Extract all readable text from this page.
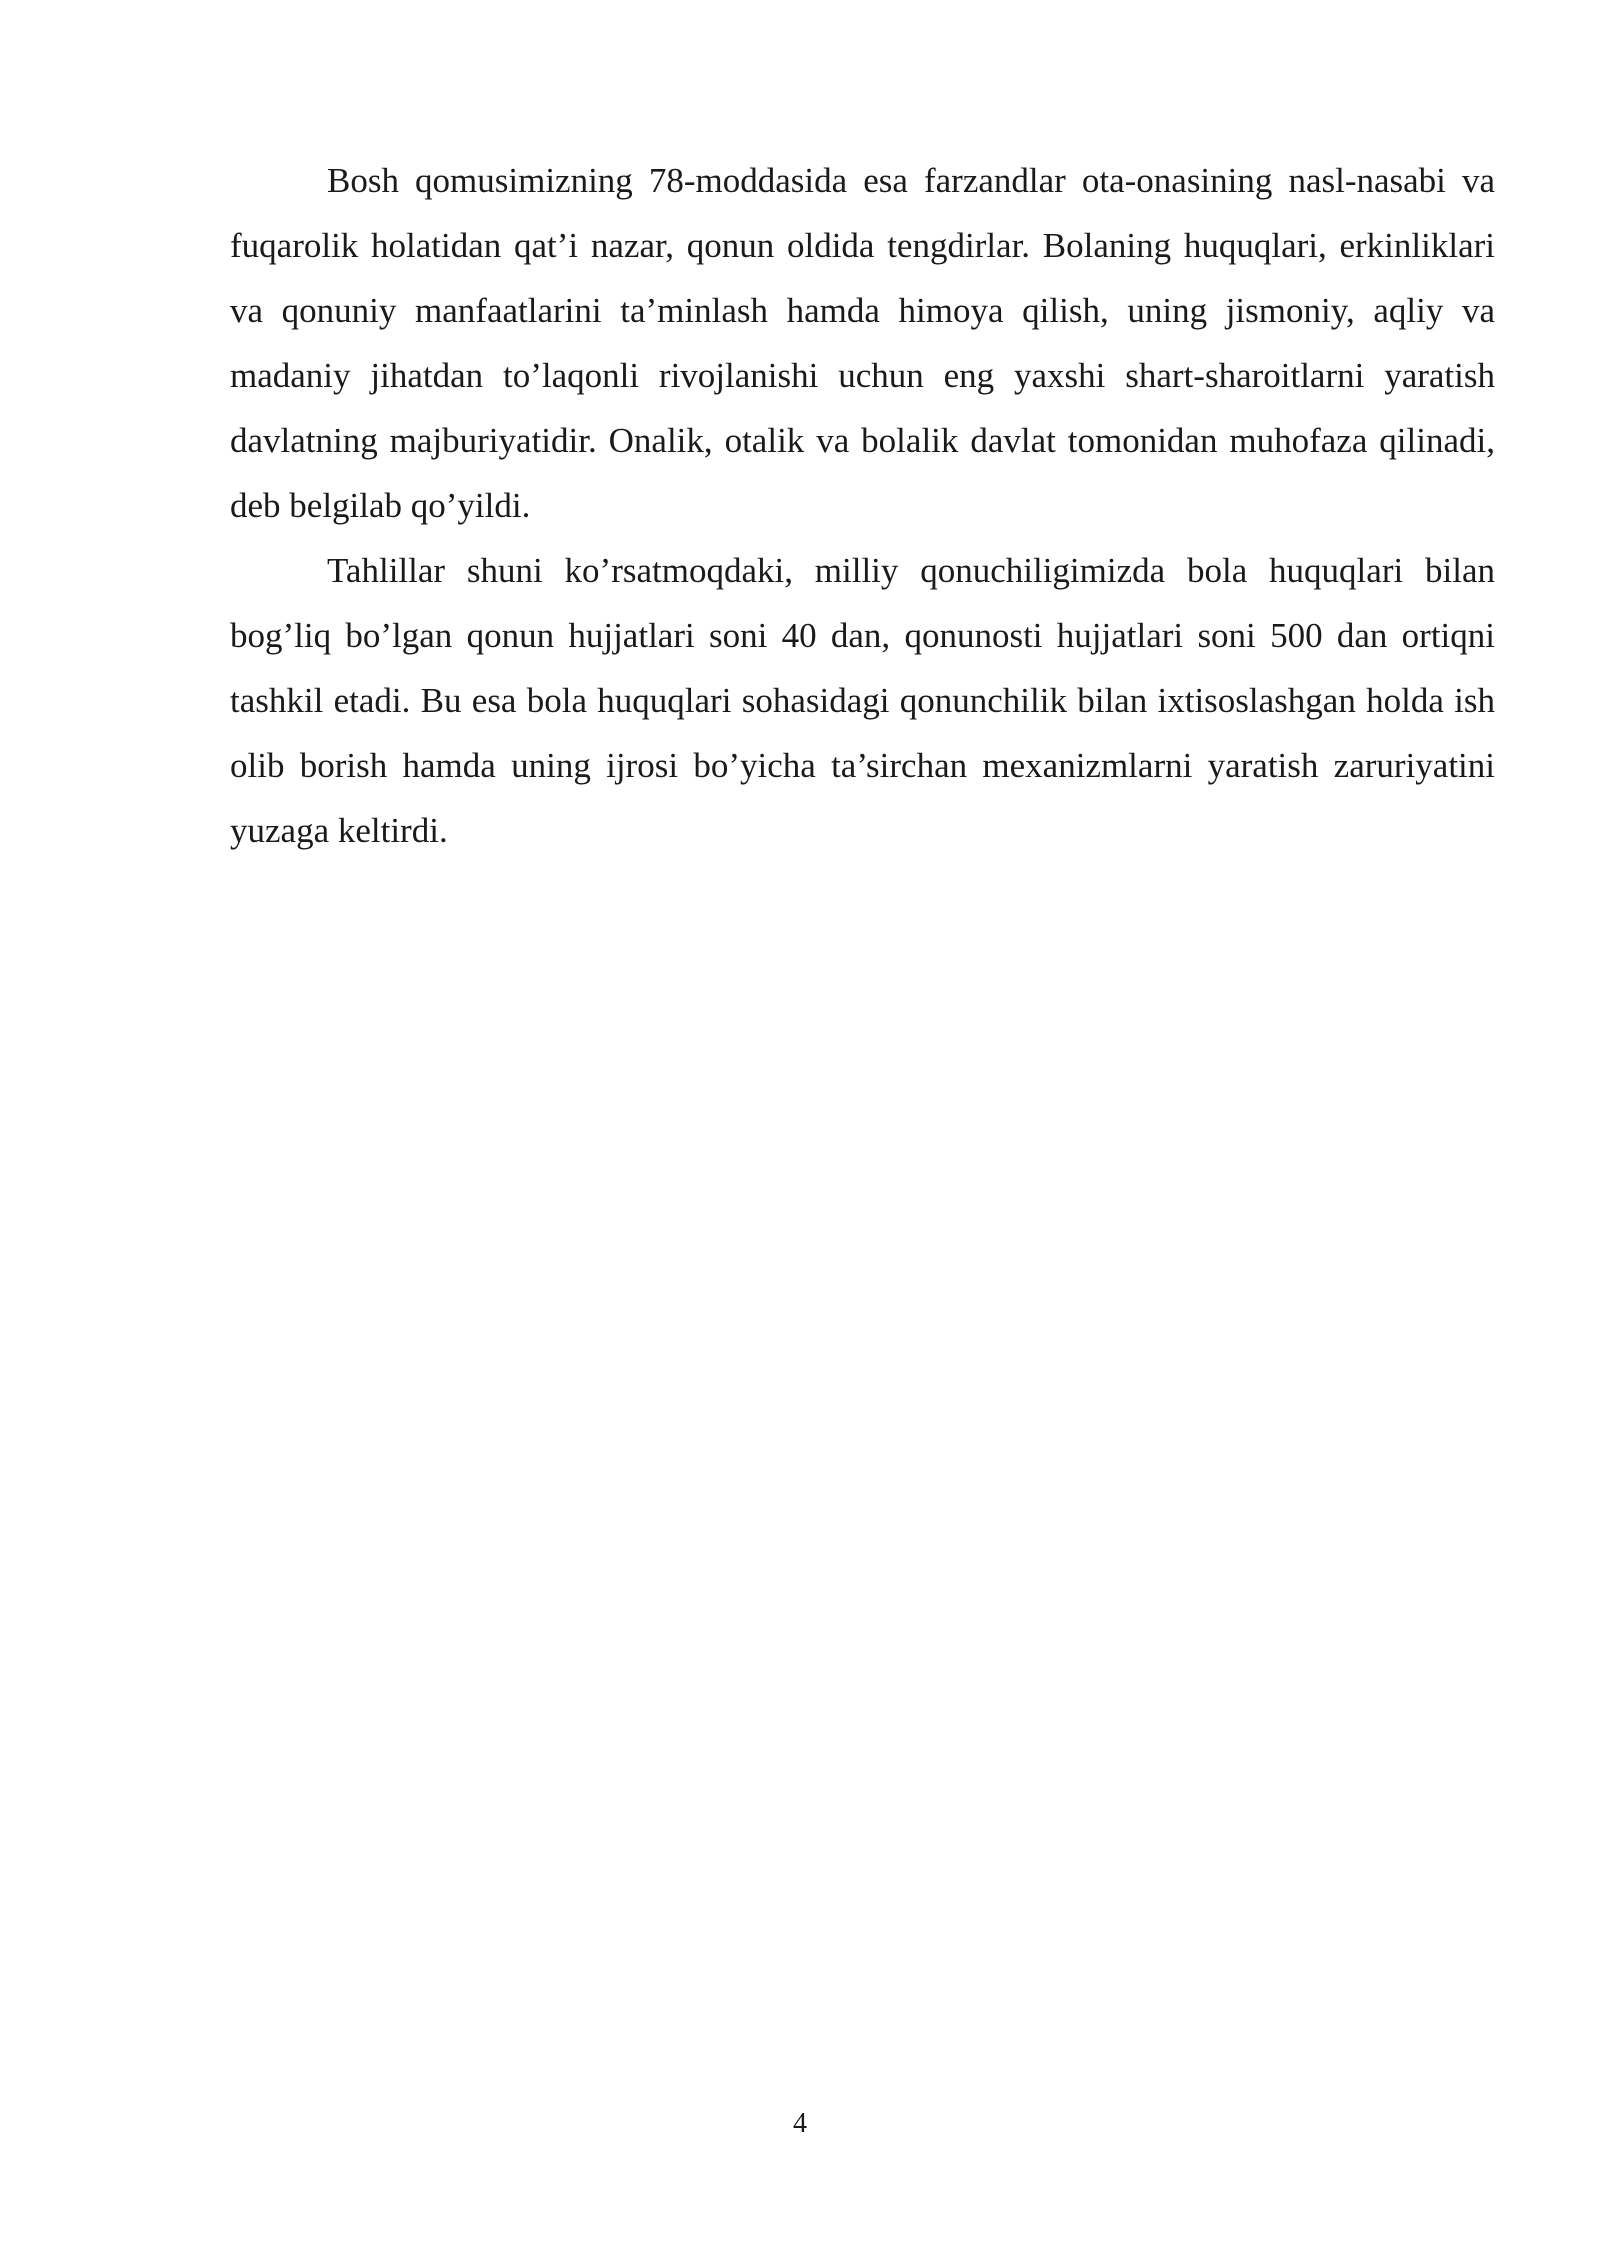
Bosh qomusimizning 78-moddasida esa farzandlar ota-onasining nasl-nasabi va fuqarolik holatidan qat’i nazar, qonun oldida tengdirlar. Bolaning huquqlari, erkinliklari va qonuniy manfaatlarini ta’minlash hamda himoya qilish, uning jismoniy, aqliy va madaniy jihatdan to’laqonli rivojlanishi uchun eng yaxshi shart-sharoitlarni yaratish davlatning majburiyatidir. Onalik, otalik va bolalik davlat tomonidan muhofaza qilinadi, deb belgilab qo’yildi.

Tahlillar shuni ko’rsatmoqdaki, milliy qonuchiligimizda bola huquqlari bilan bog’liq bo’lgan qonun hujjatlari soni 40 dan, qonunosti hujjatlari soni 500 dan ortiqni tashkil etadi. Bu esa bola huquqlari sohasidagi qonunchilik bilan ixtisoslashgan holda ish olib borish hamda uning ijrosi bo’yicha ta’sirchan mexanizmlarni yaratish zaruriyatini yuzaga keltirdi.

4
